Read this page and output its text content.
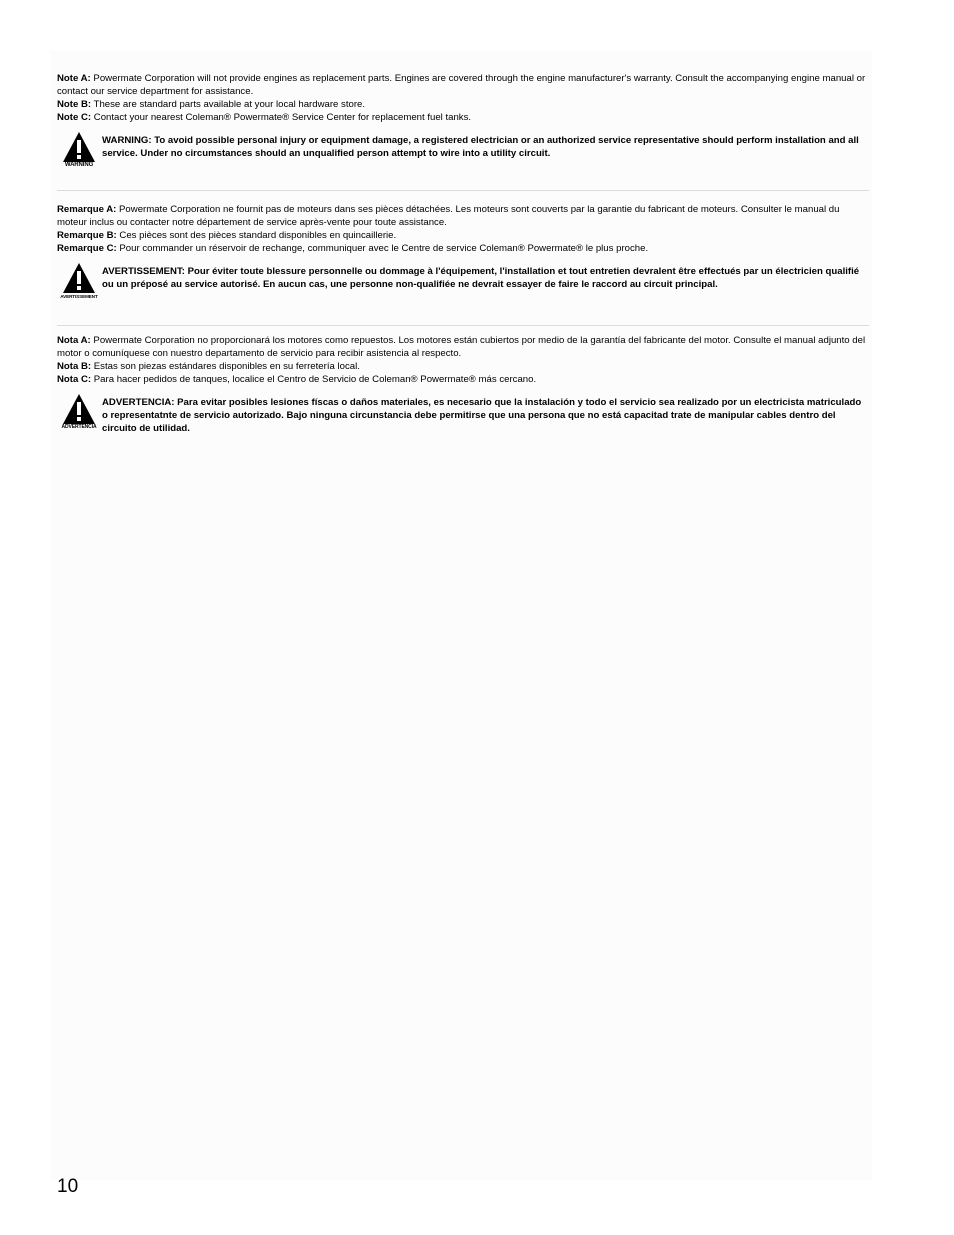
Note A: Powermate Corporation will not provide engines as replacement parts. Engines are covered through the engine manufacturer's warranty. Consult the accompanying engine manual or contact our service department for assistance.
Note B: These are standard parts available at your local hardware store.
Note C: Contact your nearest Coleman® Powermate® Service Center for replacement fuel tanks.
WARNING
WARNING: To avoid possible personal injury or equipment damage, a registered electrician or an authorized service representative should perform installation and all service. Under no circumstances should an unqualified person attempt to wire into a utility circuit.
Remarque A: Powermate Corporation ne fournit pas de moteurs dans ses pièces détachées. Les moteurs sont couverts par la garantie du fabricant de moteurs. Consulter le manual du moteur inclus ou contacter notre département de service après-vente pour toute assistance.
Remarque B: Ces pièces sont des pièces standard disponibles en quincaillerie.
Remarque C: Pour commander un réservoir de rechange, communiquer avec le Centre de service Coleman® Powermate® le plus proche.
AVERTISSEMENT
AVERTISSEMENT: Pour éviter toute blessure personnelle ou dommage à l'équipement, l'installation et tout entretien devralent être effectués par un électricien qualifié ou un préposé au service autorisé. En aucun cas, une personne non-qualifiée ne devrait essayer de faire le raccord au circuit principal.
Nota A: Powermate Corporation no proporcionará los motores como repuestos. Los motores están cubiertos por medio de la garantía del fabricante del motor. Consulte el manual adjunto del motor o comuníquese con nuestro departamento de servicio para recibir asistencia al respecto.
Nota B: Estas son piezas estándares disponibles en su ferretería local.
Nota C: Para hacer pedidos de tanques, localice el Centro de Servicio de Coleman® Powermate® más cercano.
ADVERTENCIA
ADVERTENCIA: Para evitar posibles lesiones físcas o daños materiales, es necesario que la instalación y todo el servicio sea realizado por un electricista matriculado o representatnte de servicio autorizado. Bajo ninguna circunstancia debe permitirse que una persona que no está capacitad trate de manipular cables dentro del circuito de utilidad.
10
